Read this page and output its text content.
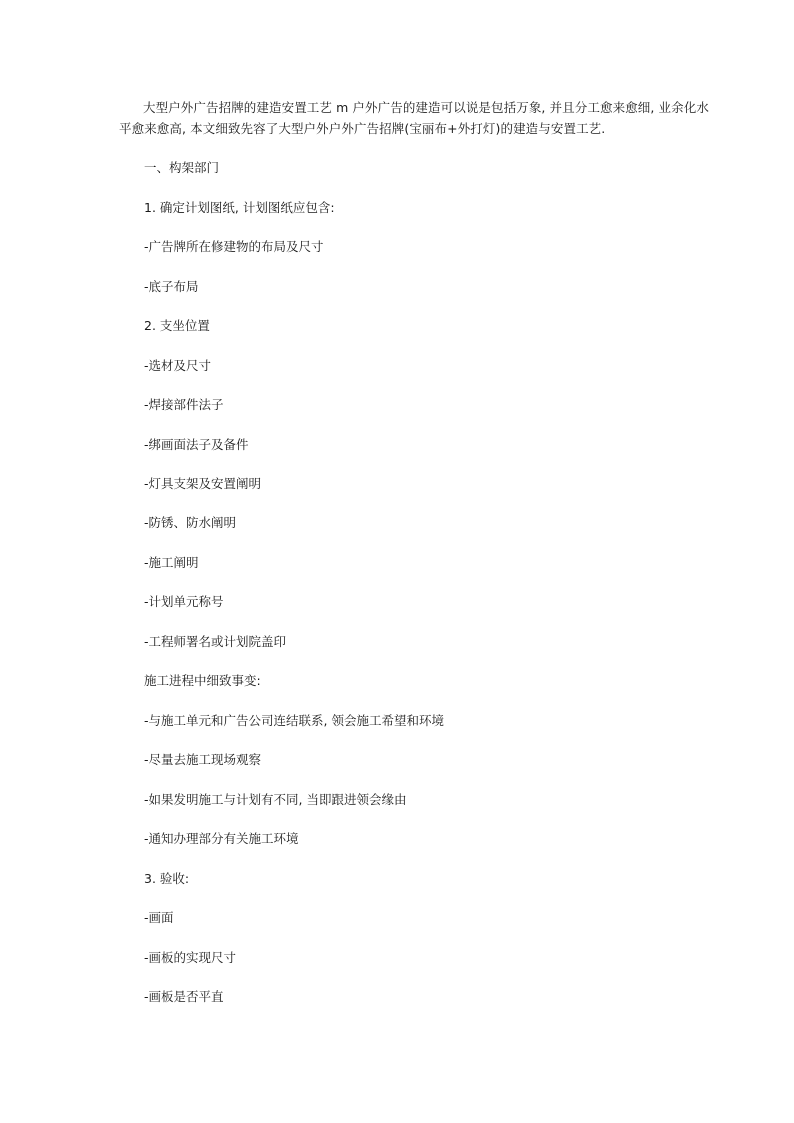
大型户外广告招牌的建造安置工艺 m 户外广告的建造可以说是包括万象, 并且分工愈来愈细, 业余化水
平愈来愈高, 本文细致先容了大型户外户外广告招牌(宝丽布+外打灯)的建造与安置工艺.
一、构架部门
1. 确定计划图纸, 计划图纸应包含:
-广告牌所在修建物的布局及尺寸
-底子布局
2. 支坐位置
-选材及尺寸
-焊接部件法子
-绑画面法子及备件
-灯具支架及安置阐明
-防锈、防水阐明
-施工阐明
-计划单元称号
-工程师署名或计划院盖印
施工进程中细致事变:
-与施工单元和广告公司连结联系, 领会施工希望和环境
-尽量去施工现场观察
-如果发明施工与计划有不同, 当即跟进领会缘由
-通知办理部分有关施工环境
3. 验收:
-画面
-画板的实现尺寸
-画板是否平直
